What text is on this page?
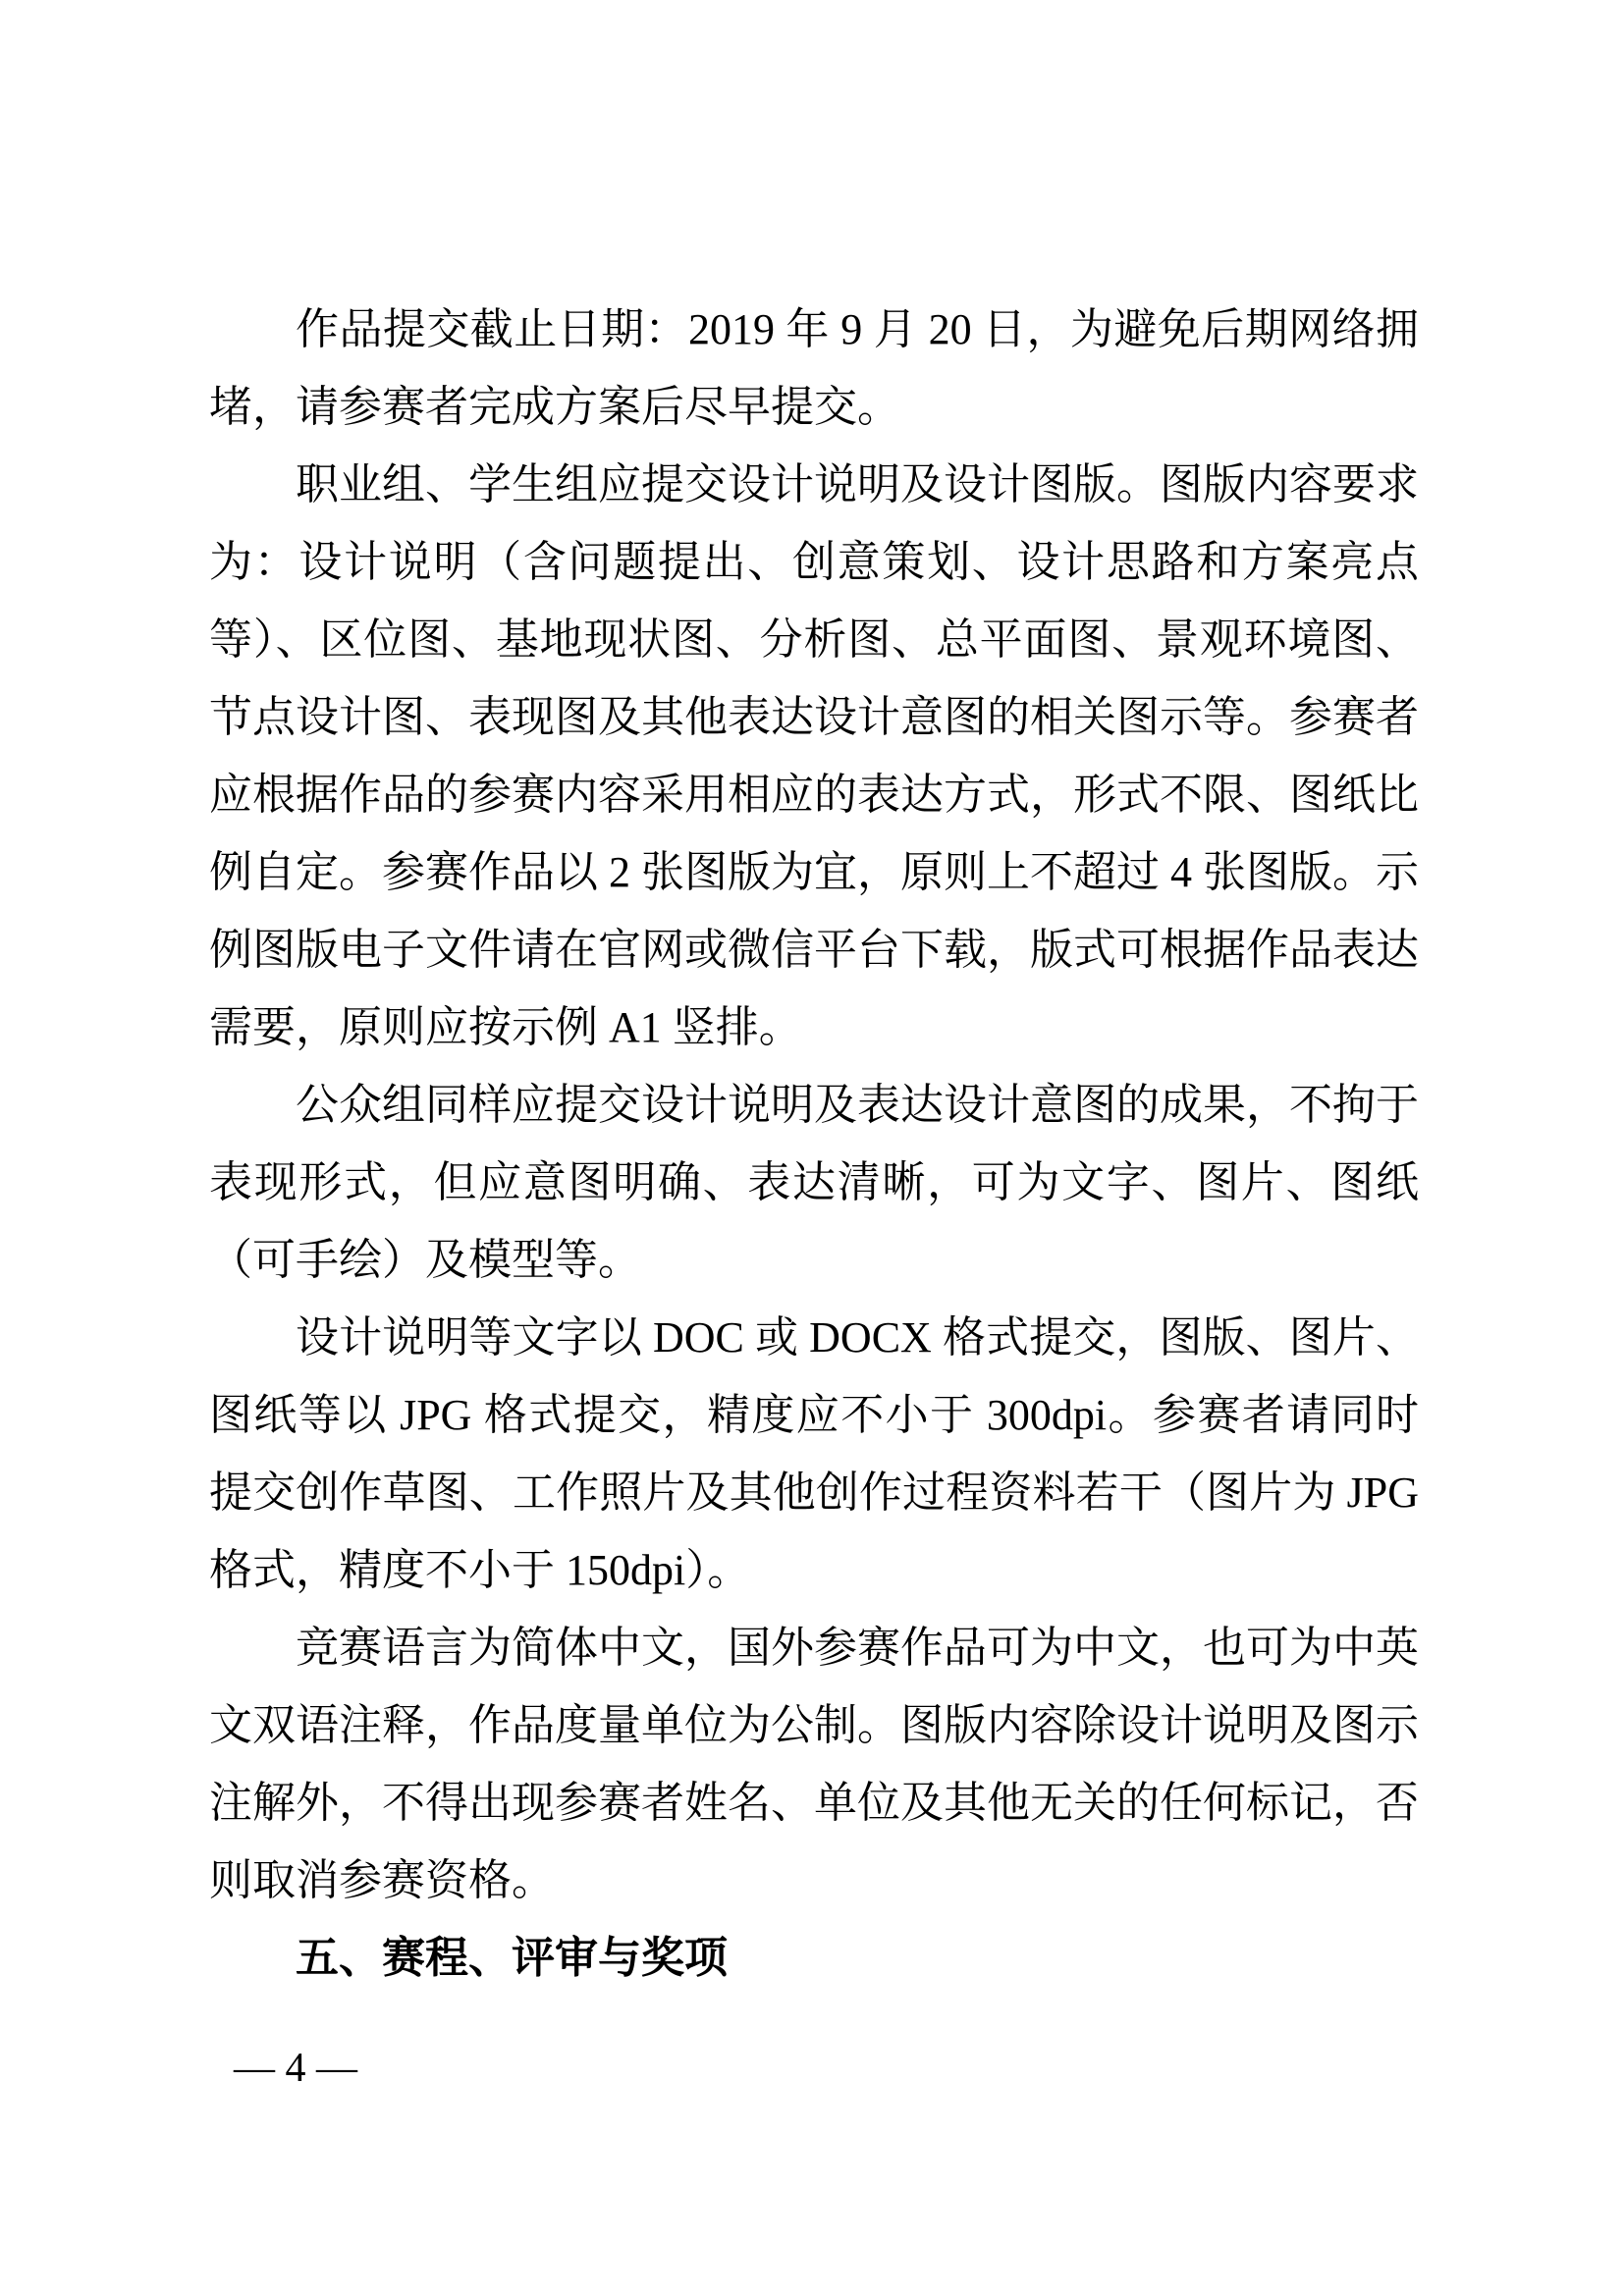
作品提交截止日期：2019 年 9 月 20 日，为避免后期网络拥堵，请参赛者完成方案后尽早提交。

职业组、学生组应提交设计说明及设计图版。图版内容要求为：设计说明（含问题提出、创意策划、设计思路和方案亮点等）、区位图、基地现状图、分析图、总平面图、景观环境图、节点设计图、表现图及其他表达设计意图的相关图示等。参赛者应根据作品的参赛内容采用相应的表达方式，形式不限、图纸比例自定。参赛作品以 2 张图版为宜，原则上不超过 4 张图版。示例图版电子文件请在官网或微信平台下载，版式可根据作品表达需要，原则应按示例 A1 竖排。

公众组同样应提交设计说明及表达设计意图的成果，不拘于表现形式，但应意图明确、表达清晰，可为文字、图片、图纸（可手绘）及模型等。

设计说明等文字以 DOC 或 DOCX 格式提交，图版、图片、图纸等以 JPG 格式提交，精度应不小于 300dpi。参赛者请同时提交创作草图、工作照片及其他创作过程资料若干（图片为 JPG 格式，精度不小于 150dpi）。

竞赛语言为简体中文，国外参赛作品可为中文，也可为中英文双语注释，作品度量单位为公制。图版内容除设计说明及图示注解外，不得出现参赛者姓名、单位及其他无关的任何标记，否则取消参赛资格。

五、赛程、评审与奖项
— 4 —
